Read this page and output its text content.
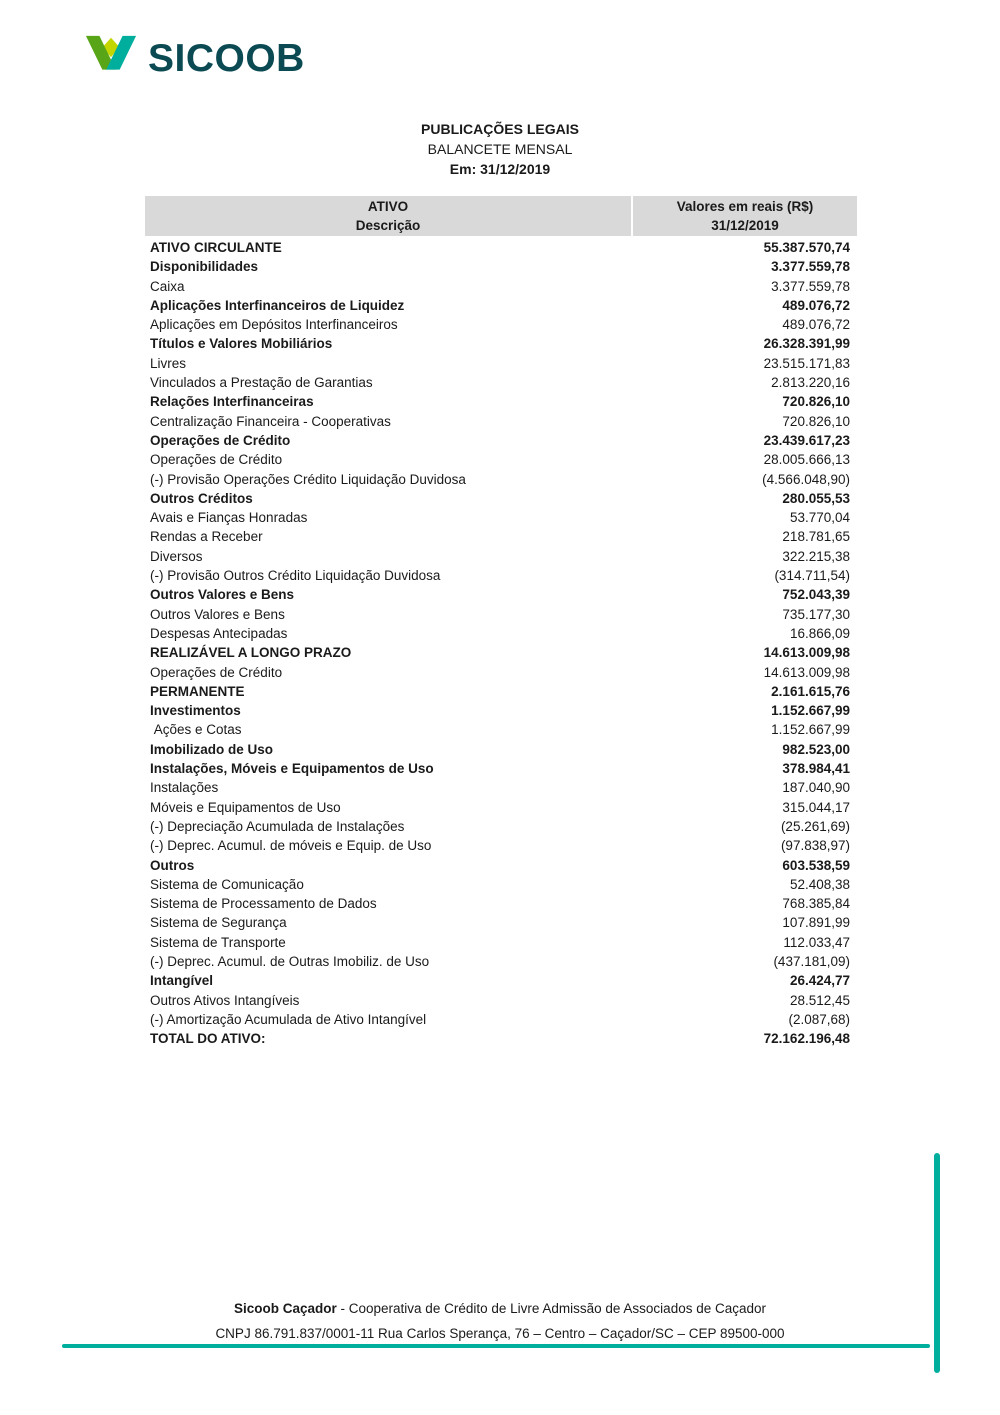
SICOOB
PUBLICAÇÕES LEGAIS
BALANCETE MENSAL
Em: 31/12/2019
ATIVO
Descrição
Valores em reais (R$)
31/12/2019
ATIVO CIRCULANTE	55.387.570,74
Disponibilidades	3.377.559,78
Caixa	3.377.559,78
Aplicações Interfinanceiros de Liquidez	489.076,72
Aplicações em Depósitos Interfinanceiros	489.076,72
Títulos e Valores Mobiliários	26.328.391,99
Livres	23.515.171,83
Vinculados a Prestação de Garantias	2.813.220,16
Relações Interfinanceiras	720.826,10
Centralização Financeira - Cooperativas	720.826,10
Operações de Crédito	23.439.617,23
Operações de Crédito	28.005.666,13
(-) Provisão Operações Crédito Liquidação Duvidosa	(4.566.048,90)
Outros Créditos	280.055,53
Avais e Fianças Honradas	53.770,04
Rendas a Receber	218.781,65
Diversos	322.215,38
(-) Provisão Outros Crédito Liquidação Duvidosa	(314.711,54)
Outros Valores e Bens	752.043,39
Outros Valores e Bens	735.177,30
Despesas Antecipadas	16.866,09
REALIZÁVEL A LONGO PRAZO	14.613.009,98
Operações de Crédito	14.613.009,98
PERMANENTE	2.161.615,76
Investimentos	1.152.667,99
Ações e Cotas	1.152.667,99
Imobilizado de Uso	982.523,00
Instalações, Móveis e Equipamentos de Uso	378.984,41
Instalações	187.040,90
Móveis e Equipamentos de Uso	315.044,17
(-) Depreciação Acumulada de Instalações	(25.261,69)
(-) Deprec. Acumul. de móveis e Equip. de Uso	(97.838,97)
Outros	603.538,59
Sistema de Comunicação	52.408,38
Sistema de Processamento de Dados	768.385,84
Sistema de Segurança	107.891,99
Sistema de Transporte	112.033,47
(-) Deprec. Acumul. de Outras Imobiliz. de Uso	(437.181,09)
Intangível	26.424,77
Outros Ativos Intangíveis	28.512,45
(-) Amortização Acumulada de Ativo Intangível	(2.087,68)
TOTAL DO ATIVO:	72.162.196,48
Sicoob Caçador - Cooperativa de Crédito de Livre Admissão de Associados de Caçador
CNPJ 86.791.837/0001-11 Rua Carlos Sperança, 76 – Centro – Caçador/SC – CEP 89500-000
